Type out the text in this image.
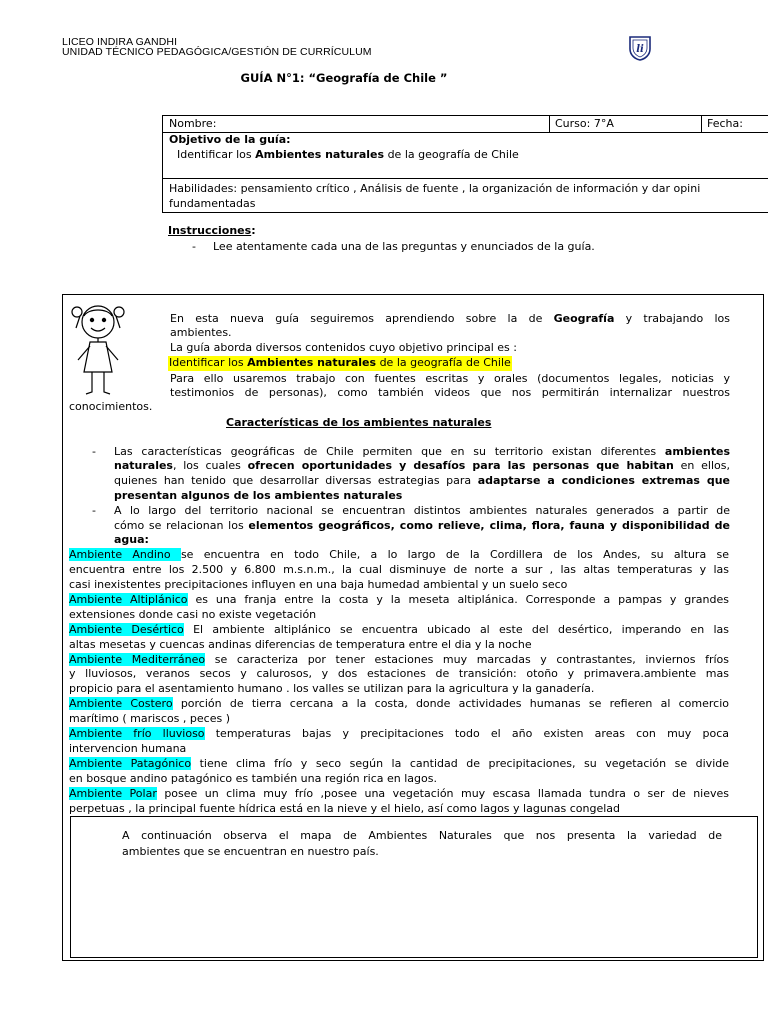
LICEO INDIRA GANDHI
UNIDAD TÉCNICO PEDAGÓGICA/GESTIÓN DE CURRÍCULUM	li
GUÍA N°1: “Geografía de Chile ”
Nombre:	Curso: 7°A	Fecha:
Objetivo de la guía:
Identificar los Ambientes naturales de la geografía de Chile
Habilidades: pensamiento crítico , Análisis de fuente , la organización de información y dar opini
fundamentadas
Instrucciones:
- Lee atentamente cada una de las preguntas y enunciados de la guía.
En esta nueva guía seguiremos aprendiendo sobre la de Geografía y trabajando los
ambientes.
La guía aborda diversos contenidos cuyo objetivo principal es :
Identificar los Ambientes naturales de la geografía de Chile
Para ello usaremos trabajo con fuentes escritas y orales (documentos legales, noticias y
testimonios de personas), como también videos que nos permitirán internalizar nuestros
conocimientos.
Características de los ambientes naturales
- Las características geográficas de Chile permiten que en su territorio existan diferentes ambientes
naturales, los cuales ofrecen oportunidades y desafíos para las personas que habitan en ellos,
quienes han tenido que desarrollar diversas estrategias para adaptarse a condiciones extremas que
presentan algunos de los ambientes naturales
- A lo largo del territorio nacional se encuentran distintos ambientes naturales generados a partir de
cómo se relacionan los elementos geográficos, como relieve, clima, flora, fauna y disponibilidad de
agua:
Ambiente Andino se encuentra en todo Chile, a lo largo de la Cordillera de los Andes, su altura se
encuentra entre los 2.500 y 6.800 m.s.n.m., la cual disminuye de norte a sur , las altas temperaturas y las
casi inexistentes precipitaciones influyen en una baja humedad ambiental y un suelo seco
Ambiente Altiplánico es una franja entre la costa y la meseta altiplánica. Corresponde a pampas y grandes
extensiones donde casi no existe vegetación
Ambiente Desértico El ambiente altiplánico se encuentra ubicado al este del desértico, imperando en las
altas mesetas y cuencas andinas diferencias de temperatura entre el dia y la noche
Ambiente Mediterráneo se caracteriza por tener estaciones muy marcadas y contrastantes, inviernos fríos
y lluviosos, veranos secos y calurosos, y dos estaciones de transición: otoño y primavera.ambiente mas
propicio para el asentamiento humano . los valles se utilizan para la agricultura y la ganadería.
Ambiente Costero porción de tierra cercana a la costa, donde actividades humanas se refieren al comercio
marítimo ( mariscos , peces )
Ambiente frío lluvioso temperaturas bajas y precipitaciones todo el año existen areas con muy poca
intervencion humana
Ambiente Patagónico tiene clima frío y seco según la cantidad de precipitaciones, su vegetación se divide
en bosque andino patagónico es también una región rica en lagos.
Ambiente Polar posee un clima muy frío ,posee una vegetación muy escasa llamada tundra o ser de nieves
perpetuas , la principal fuente hídrica está en la nieve y el hielo, así como lagos y lagunas congelad
A continuación observa el mapa de Ambientes Naturales que nos presenta la variedad de
ambientes que se encuentran en nuestro país.
